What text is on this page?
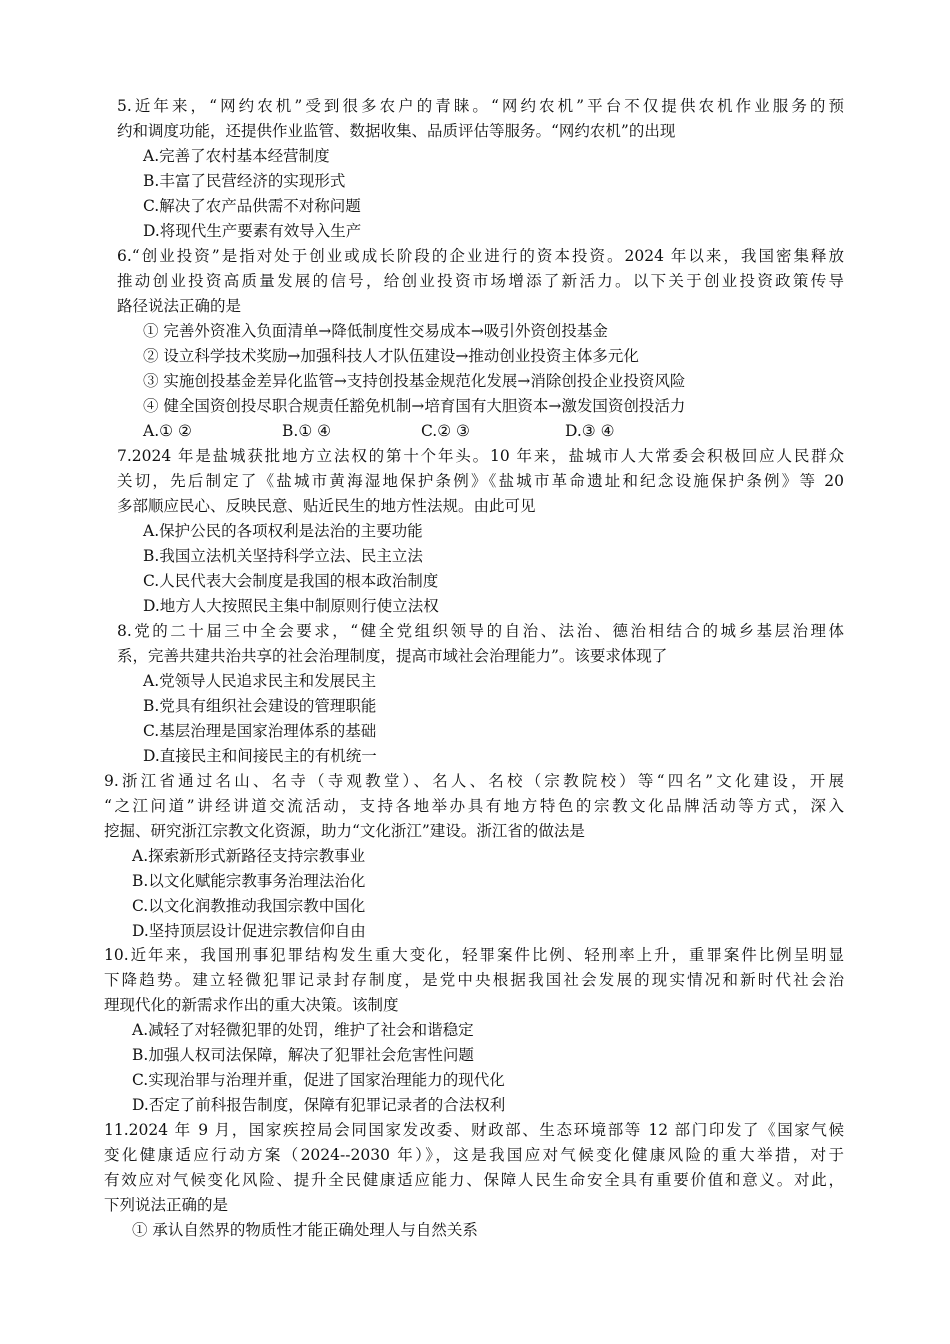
5.近年来，“网约农机”受到很多农户的青睐。“网约农机”平台不仅提供农机作业服务的预
约和调度功能，还提供作业监管、数据收集、品质评估等服务。“网约农机”的出现
A.完善了农村基本经营制度
B.丰富了民营经济的实现形式
C.解决了农产品供需不对称问题
D.将现代生产要素有效导入生产
6.“创业投资”是指对处于创业或成长阶段的企业进行的资本投资。2024 年以来，我国密集释放
推动创业投资高质量发展的信号，给创业投资市场增添了新活力。以下关于创业投资政策传导
路径说法正确的是
① 完善外资准入负面清单→降低制度性交易成本→吸引外资创投基金
② 设立科学技术奖励→加强科技人才队伍建设→推动创业投资主体多元化
③ 实施创投基金差异化监管→支持创投基金规范化发展→消除创投企业投资风险
④ 健全国资创投尽职合规责任豁免机制→培育国有大胆资本→激发国资创投活力
A.① ②	B.① ④	C.② ③	D.③ ④
7.2024 年是盐城获批地方立法权的第十个年头。10 年来，盐城市人大常委会积极回应人民群众
关切，先后制定了《盐城市黄海湿地保护条例》《盐城市革命遗址和纪念设施保护条例》等 20
多部顺应民心、反映民意、贴近民生的地方性法规。由此可见
A.保护公民的各项权利是法治的主要功能
B.我国立法机关坚持科学立法、民主立法
C.人民代表大会制度是我国的根本政治制度
D.地方人大按照民主集中制原则行使立法权
8.党的二十届三中全会要求，“健全党组织领导的自治、法治、德治相结合的城乡基层治理体
系，完善共建共治共享的社会治理制度，提高市域社会治理能力”。该要求体现了
A.党领导人民追求民主和发展民主
B.党具有组织社会建设的管理职能
C.基层治理是国家治理体系的基础
D.直接民主和间接民主的有机统一
9.浙江省通过名山、名寺（寺观教堂）、名人、名校（宗教院校）等“四名”文化建设，开展
“之江问道”讲经讲道交流活动，支持各地举办具有地方特色的宗教文化品牌活动等方式，深入
挖掘、研究浙江宗教文化资源，助力“文化浙江”建设。浙江省的做法是
A.探索新形式新路径支持宗教事业
B.以文化赋能宗教事务治理法治化
C.以文化润教推动我国宗教中国化
D.坚持顶层设计促进宗教信仰自由
10.近年来，我国刑事犯罪结构发生重大变化，轻罪案件比例、轻刑率上升，重罪案件比例呈明显
下降趋势。建立轻微犯罪记录封存制度，是党中央根据我国社会发展的现实情况和新时代社会治
理现代化的新需求作出的重大决策。该制度
A.减轻了对轻微犯罪的处罚，维护了社会和谐稳定
B.加强人权司法保障，解决了犯罪社会危害性问题
C.实现治罪与治理并重，促进了国家治理能力的现代化
D.否定了前科报告制度，保障有犯罪记录者的合法权利
11.2024 年 9 月，国家疾控局会同国家发改委、财政部、生态环境部等 12 部门印发了《国家气候
变化健康适应行动方案（2024--2030 年）》，这是我国应对气候变化健康风险的重大举措，对于
有效应对气候变化风险、提升全民健康适应能力、保障人民生命安全具有重要价值和意义。对此，
下列说法正确的是
① 承认自然界的物质性才能正确处理人与自然关系
